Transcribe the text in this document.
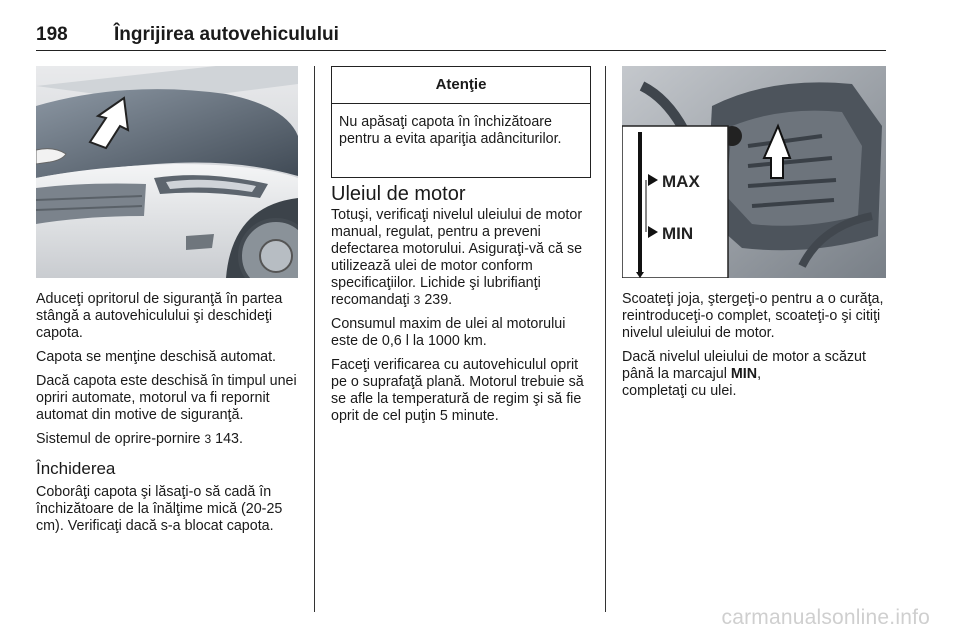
198 Îngrijirea autovehiculului

Aduceţi opritorul de siguranţă în partea stângă a autovehiculului şi deschideţi capota.

Capota se menţine deschisă automat.

Dacă capota este deschisă în timpul unei opriri automate, motorul va fi repornit automat din motive de siguranţă.

Sistemul de oprire-pornire 3 143.

Închiderea

Coborâţi capota şi lăsaţi-o să cadă în închizătoare de la înălţime mică (20-25 cm). Verificaţi dacă s-a blocat capota.

Atenţie
Nu apăsaţi capota în închizătoare pentru a evita apariţia adânciturilor.

Uleiul de motor

Totuşi, verificaţi nivelul uleiului de motor manual, regulat, pentru a preveni defectarea motorului. Asiguraţi-vă că se utilizează ulei de motor conform specificaţiilor. Lichide şi lubrifianţi recomandaţi 3 239.

Consumul maxim de ulei al motorului este de 0,6 l la 1000 km.

Faceţi verificarea cu autovehiculul oprit pe o suprafaţă plană. Motorul trebuie să se afle la temperatură de regim şi să fie oprit de cel puţin 5 minute.

MAX
MIN

Scoateţi joja, ştergeţi-o pentru a o curăţa, reintroduceţi-o complet, scoateţi-o şi citiţi nivelul uleiului de motor.

Dacă nivelul uleiului de motor a scăzut până la marcajul MIN,
completaţi cu ulei.

carmanualsonline.info
